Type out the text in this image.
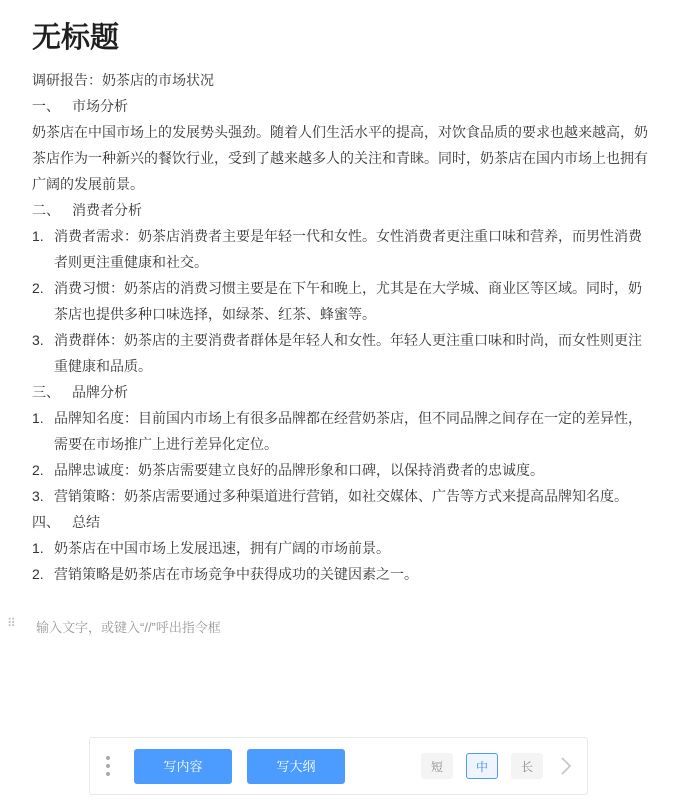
无标题
调研报告：奶茶店的市场状况
一、 市场分析
奶茶店在中国市场上的发展势头强劲。随着人们生活水平的提高，对饮食品质的要求也越来越高，奶茶店作为一种新兴的餐饮行业，受到了越来越多人的关注和青睐。同时，奶茶店在国内市场上也拥有广阔的发展前景。
二、 消费者分析
1. 消费者需求：奶茶店消费者主要是年轻一代和女性。女性消费者更注重口味和营养，而男性消费者则更注重健康和社交。
2. 消费习惯：奶茶店的消费习惯主要是在下午和晚上，尤其是在大学城、商业区等区域。同时，奶茶店也提供多种口味选择，如绿茶、红茶、蜂蜜等。
3. 消费群体：奶茶店的主要消费者群体是年轻人和女性。年轻人更注重口味和时尚，而女性则更注重健康和品质。
三、 品牌分析
1. 品牌知名度：目前国内市场上有很多品牌都在经营奶茶店，但不同品牌之间存在一定的差异性，需要在市场推广上进行差异化定位。
2. 品牌忠诚度：奶茶店需要建立良好的品牌形象和口碑，以保持消费者的忠诚度。
3. 营销策略：奶茶店需要通过多种渠道进行营销，如社交媒体、广告等方式来提高品牌知名度。
四、 总结
1. 奶茶店在中国市场上发展迅速，拥有广阔的市场前景。
2. 营销策略是奶茶店在市场竞争中获得成功的关键因素之一。
⠿ 输入文字，或键入“//”呼出指令框
写内容	写大纲	短	中	长
